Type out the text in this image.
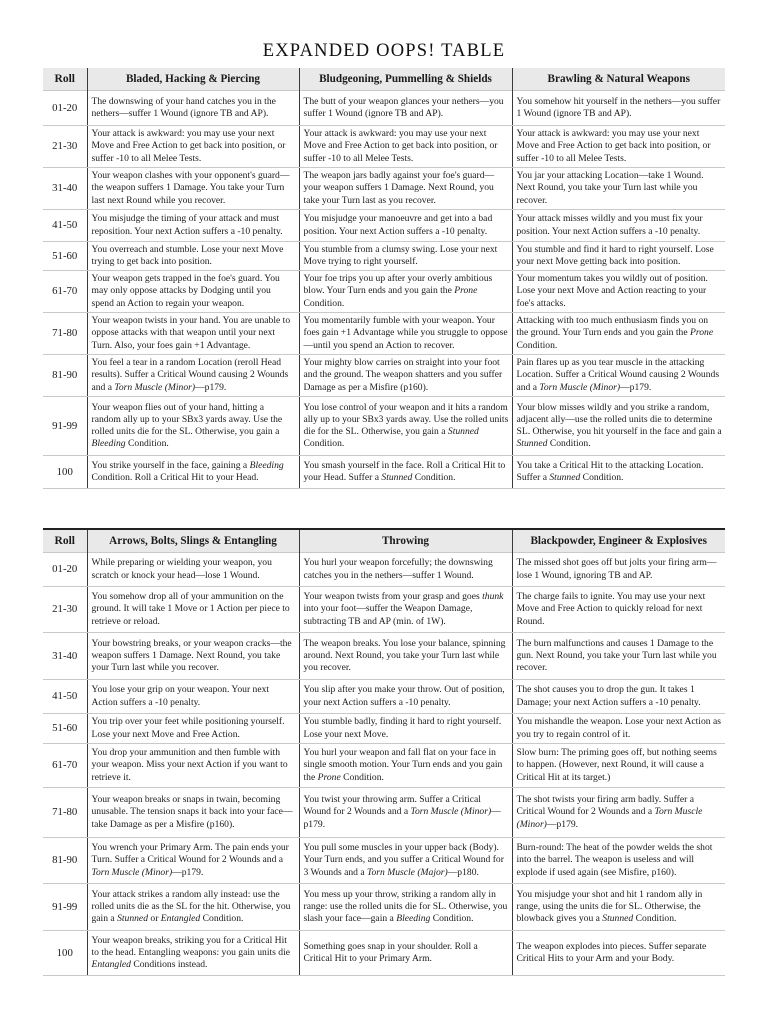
EXPANDED OOPS! TABLE
Roll	Bladed, Hacking & Piercing	Bludgeoning, Pummelling & Shields	Brawling & Natural Weapons
01-20	The downswing of your hand catches you in the nethers—suffer 1 Wound (ignore TB and AP).	The butt of your weapon glances your nethers—you suffer 1 Wound (ignore TB and AP).	You somehow hit yourself in the nethers—you suffer 1 Wound (ignore TB and AP).
21-30	Your attack is awkward: you may use your next Move and Free Action to get back into position, or suffer -10 to all Melee Tests.	Your attack is awkward: you may use your next Move and Free Action to get back into position, or suffer -10 to all Melee Tests.	Your attack is awkward: you may use your next Move and Free Action to get back into position, or suffer -10 to all Melee Tests.
31-40	Your weapon clashes with your opponent's guard—the weapon suffers 1 Damage. You take your Turn last next Round while you recover.	The weapon jars badly against your foe's guard—your weapon suffers 1 Damage. Next Round, you take your Turn last as you recover.	You jar your attacking Location—take 1 Wound. Next Round, you take your Turn last while you recover.
41-50	You misjudge the timing of your attack and must reposition. Your next Action suffers a -10 penalty.	You misjudge your manoeuvre and get into a bad position. Your next Action suffers a -10 penalty.	Your attack misses wildly and you must fix your position. Your next Action suffers a -10 penalty.
51-60	You overreach and stumble. Lose your next Move trying to get back into position.	You stumble from a clumsy swing. Lose your next Move trying to right yourself.	You stumble and find it hard to right yourself. Lose your next Move getting back into position.
61-70	Your weapon gets trapped in the foe's guard. You may only oppose attacks by Dodging until you spend an Action to regain your weapon.	Your foe trips you up after your overly ambitious blow. Your Turn ends and you gain the Prone Condition.	Your momentum takes you wildly out of position. Lose your next Move and Action reacting to your foe's attacks.
71-80	Your weapon twists in your hand. You are unable to oppose attacks with that weapon until your next Turn. Also, your foes gain +1 Advantage.	You momentarily fumble with your weapon. Your foes gain +1 Advantage while you struggle to oppose—until you spend an Action to recover.	Attacking with too much enthusiasm finds you on the ground. Your Turn ends and you gain the Prone Condition.
81-90	You feel a tear in a random Location (reroll Head results). Suffer a Critical Wound causing 2 Wounds and a Torn Muscle (Minor)—p179.	Your mighty blow carries on straight into your foot and the ground. The weapon shatters and you suffer Damage as per a Misfire (p160).	Pain flares up as you tear muscle in the attacking Location. Suffer a Critical Wound causing 2 Wounds and a Torn Muscle (Minor)—p179.
91-99	Your weapon flies out of your hand, hitting a random ally up to your SBx3 yards away. Use the rolled units die for the SL. Otherwise, you gain a Bleeding Condition.	You lose control of your weapon and it hits a random ally up to your SBx3 yards away. Use the rolled units die for the SL. Otherwise, you gain a Stunned Condition.	Your blow misses wildly and you strike a random, adjacent ally—use the rolled units die to determine SL. Otherwise, you hit yourself in the face and gain a Stunned Condition.
100	You strike yourself in the face, gaining a Bleeding Condition. Roll a Critical Hit to your Head.	You smash yourself in the face. Roll a Critical Hit to your Head. Suffer a Stunned Condition.	You take a Critical Hit to the attacking Location. Suffer a Stunned Condition.
Roll	Arrows, Bolts, Slings & Entangling	Throwing	Blackpowder, Engineer & Explosives
01-20	While preparing or wielding your weapon, you scratch or knock your head—lose 1 Wound.	You hurl your weapon forcefully; the downswing catches you in the nethers—suffer 1 Wound.	The missed shot goes off but jolts your firing arm—lose 1 Wound, ignoring TB and AP.
21-30	You somehow drop all of your ammunition on the ground. It will take 1 Move or 1 Action per piece to retrieve or reload.	Your weapon twists from your grasp and goes thunk into your foot—suffer the Weapon Damage, subtracting TB and AP (min. of 1W).	The charge fails to ignite. You may use your next Move and Free Action to quickly reload for next Round.
31-40	Your bowstring breaks, or your weapon cracks—the weapon suffers 1 Damage. Next Round, you take your Turn last while you recover.	The weapon breaks. You lose your balance, spinning around. Next Round, you take your Turn last while you recover.	The burn malfunctions and causes 1 Damage to the gun. Next Round, you take your Turn last while you recover.
41-50	You lose your grip on your weapon. Your next Action suffers a -10 penalty.	You slip after you make your throw. Out of position, your next Action suffers a -10 penalty.	The shot causes you to drop the gun. It takes 1 Damage; your next Action suffers a -10 penalty.
51-60	You trip over your feet while positioning yourself. Lose your next Move and Free Action.	You stumble badly, finding it hard to right yourself. Lose your next Move.	You mishandle the weapon. Lose your next Action as you try to regain control of it.
61-70	You drop your ammunition and then fumble with your weapon. Miss your next Action if you want to retrieve it.	You hurl your weapon and fall flat on your face in single smooth motion. Your Turn ends and you gain the Prone Condition.	Slow burn: The priming goes off, but nothing seems to happen. (However, next Round, it will cause a Critical Hit at its target.)
71-80	Your weapon breaks or snaps in twain, becoming unusable. The tension snaps it back into your face—take Damage as per a Misfire (p160).	You twist your throwing arm. Suffer a Critical Wound for 2 Wounds and a Torn Muscle (Minor)—p179.	The shot twists your firing arm badly. Suffer a Critical Wound for 2 Wounds and a Torn Muscle (Minor)—p179.
81-90	You wrench your Primary Arm. The pain ends your Turn. Suffer a Critical Wound for 2 Wounds and a Torn Muscle (Minor)—p179.	You pull some muscles in your upper back (Body). Your Turn ends, and you suffer a Critical Wound for 3 Wounds and a Torn Muscle (Major)—p180.	Burn-round: The heat of the powder welds the shot into the barrel. The weapon is useless and will explode if used again (see Misfire, p160).
91-99	Your attack strikes a random ally instead: use the rolled units die as the SL for the hit. Otherwise, you gain a Stunned or Entangled Condition.	You mess up your throw, striking a random ally in range: use the rolled units die for SL. Otherwise, you slash your face—gain a Bleeding Condition.	You misjudge your shot and hit 1 random ally in range, using the units die for SL. Otherwise, the blowback gives you a Stunned Condition.
100	Your weapon breaks, striking you for a Critical Hit to the head. Entangling weapons: you gain units die Entangled Conditions instead.	Something goes snap in your shoulder. Roll a Critical Hit to your Primary Arm.	The weapon explodes into pieces. Suffer separate Critical Hits to your Arm and your Body.
